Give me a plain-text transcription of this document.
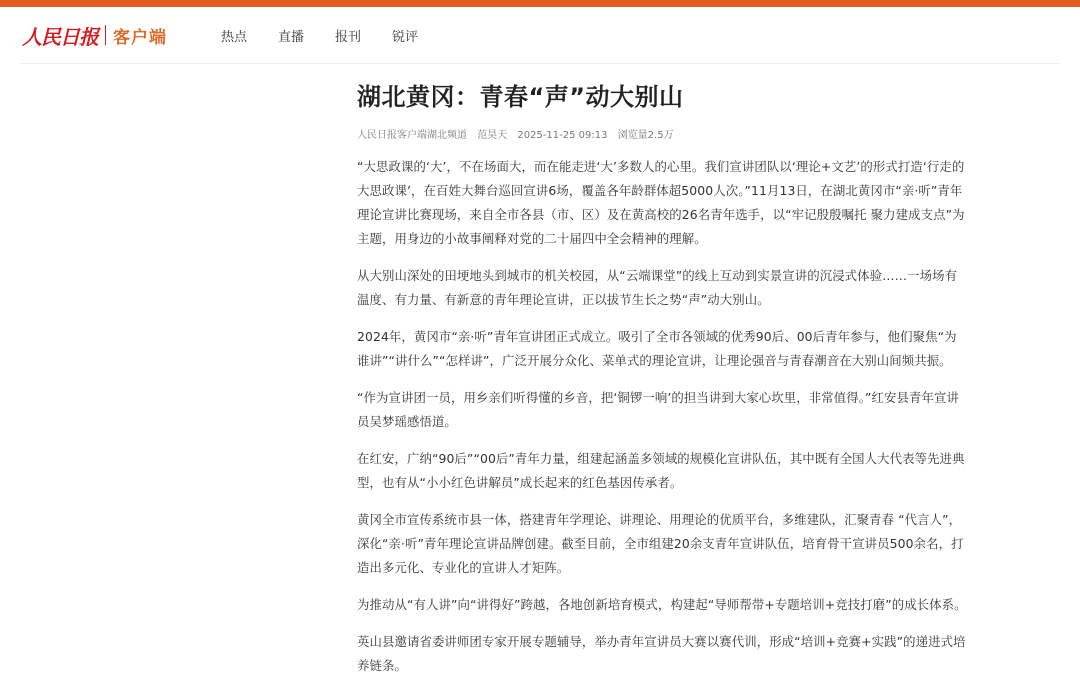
人民日报 客户端	热点 直播 报刊 锐评
湖北黄冈：青春“声”动大别山
人民日报客户端湖北频道 范昊天 2025-11-25 09:13 浏览量2.5万

“大思政课的‘大’，不在场面大，而在能走进‘大’多数人的心里。我们宣讲团队以‘理论+文艺’的形式打造‘行走的大思政课’，在百姓大舞台巡回宣讲6场，覆盖各年龄群体超5000人次。”11月13日，在湖北黄冈市“亲·听”青年理论宣讲比赛现场，来自全市各县（市、区）及在黄高校的26名青年选手，以“牢记殷殷嘱托 聚力建成支点”为主题，用身边的小故事阐释对党的二十届四中全会精神的理解。

从大别山深处的田埂地头到城市的机关校园，从“云端课堂”的线上互动到实景宣讲的沉浸式体验……一场场有温度、有力量、有新意的青年理论宣讲，正以拔节生长之势“声”动大别山。

2024年，黄冈市“亲·听”青年宣讲团正式成立。吸引了全市各领域的优秀90后、00后青年参与，他们聚焦“为谁讲”“讲什么”“怎样讲”，广泛开展分众化、菜单式的理论宣讲，让理论强音与青春潮音在大别山间频共振。

“作为宣讲团一员，用乡亲们听得懂的乡音，把‘铜锣一响’的担当讲到大家心坎里，非常值得。”红安县青年宣讲员吴梦瑶感悟道。

在红安，广纳“90后”“00后”青年力量，组建起涵盖多领域的规模化宣讲队伍，其中既有全国人大代表等先进典型，也有从“小小红色讲解员”成长起来的红色基因传承者。

黄冈全市宣传系统市县一体，搭建青年学理论、讲理论、用理论的优质平台，多维建队，汇聚青春 “代言人”，深化“亲·听”青年理论宣讲品牌创建。截至目前，全市组建20余支青年宣讲队伍，培育骨干宣讲员500余名，打造出多元化、专业化的宣讲人才矩阵。

为推动从“有人讲”向“讲得好”跨越，各地创新培育模式，构建起“导师帮带+专题培训+竞技打磨”的成长体系。

英山县邀请省委讲师团专家开展专题辅导，举办青年宣讲员大赛以赛代训，形成“培训+竞赛+实践”的递进式培养链条。
